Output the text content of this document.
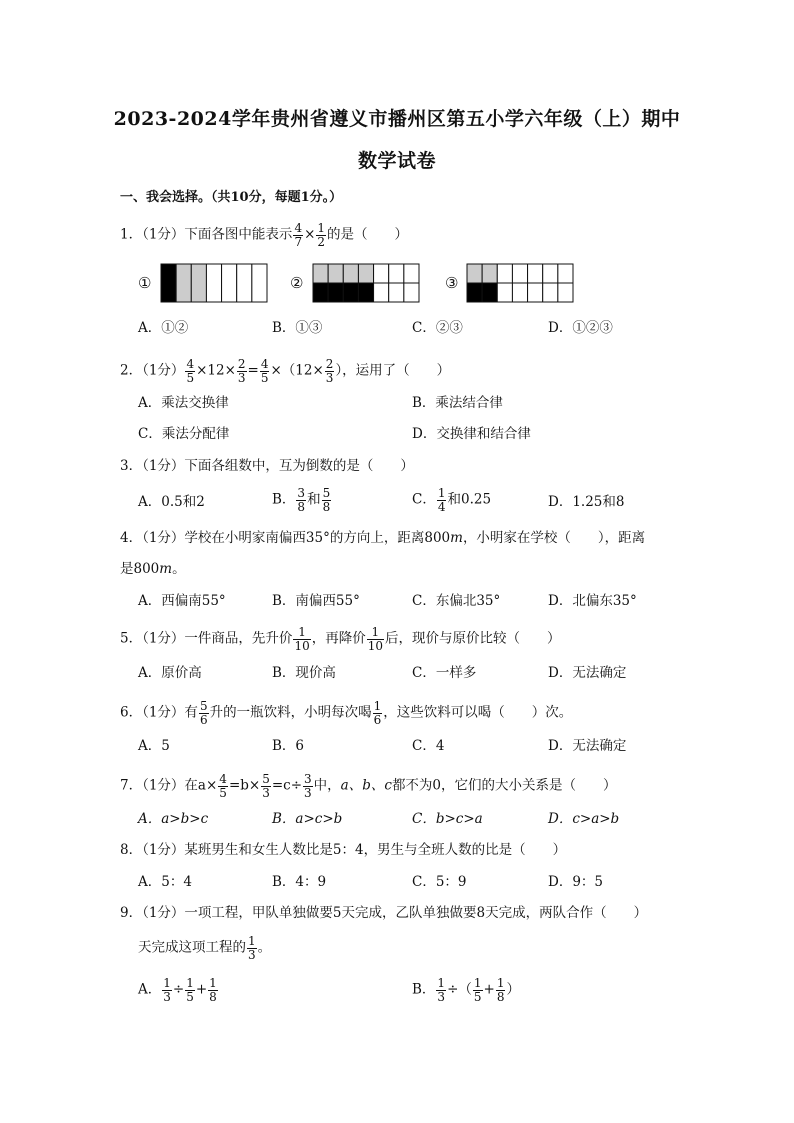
2023-2024学年贵州省遵义市播州区第五小学六年级（上）期中
数学试卷
一、我会选择。（共10分，每题1分。）
1．（1分）下面各图中能表示 $\frac{4}{7} \times \frac{1}{2}$ 的是（　　）
①	②	③
A．①②	B．①③	C．②③	D．①②③
2．（1分） $\frac{4}{5} \times 12\times \frac{2}{3} = \frac{4}{5} \times(12\times \frac{2}{3}$ ），运用了（　　）
A．乘法交换律	B．乘法结合律
C．乘法分配律	D．交换律和结合律
3．（1分）下面各组数中，互为倒数的是（　　）
A．0.5和2	B． $\frac{3}{8}$ 和 $\frac{5}{8}$	C． $\frac{1}{4}$ 和0.25	D．1.25和8
4．（1分）学校在小明家南偏西35°的方向上，距离800m，小明家在学校（　　），距离
是800m。
A．西偏南55°	B．南偏西55°	C．东偏北35°	D．北偏东35°
5．（1分）一件商品，先升价 $\frac{1}{10}$ ，再降价 $\frac{1}{10}$ 后，现价与原价比较（　　）
A．原价高	B．现价高	C．一样多	D．无法确定
6．（1分）有 $\frac{5}{6}$ 升的一瓶饮料，小明每次喝 $\frac{1}{6}$ ，这些饮料可以喝（　　）次。
A．5	B．6	C．4	D．无法确定
7．（1分）在$a\times \frac{4}{5} =b\times \frac{5}{3} =c\div \frac{3}{3}$ 中，a、b、c都不为0，它们的大小关系是（　　）
A．a>b>c	B．a>c>b	C．b>c>a	D．c>a>b
8．（1分）某班男生和女生人数比是5：4，男生与全班人数的比是（　　）
A．5：4	B．4：9	C．5：9	D．9：5
9．（1分）一项工程，甲队单独做要5天完成，乙队单独做要8天完成，两队合作（　　）
天完成这项工程的 $\frac{1}{3}$ 。
A． $\frac{1}{3} \div \frac{1}{5} + \frac{1}{8}$	B． $\frac{1}{3}$ ÷（ $\frac{1}{5} + \frac{1}{8}$ ）
